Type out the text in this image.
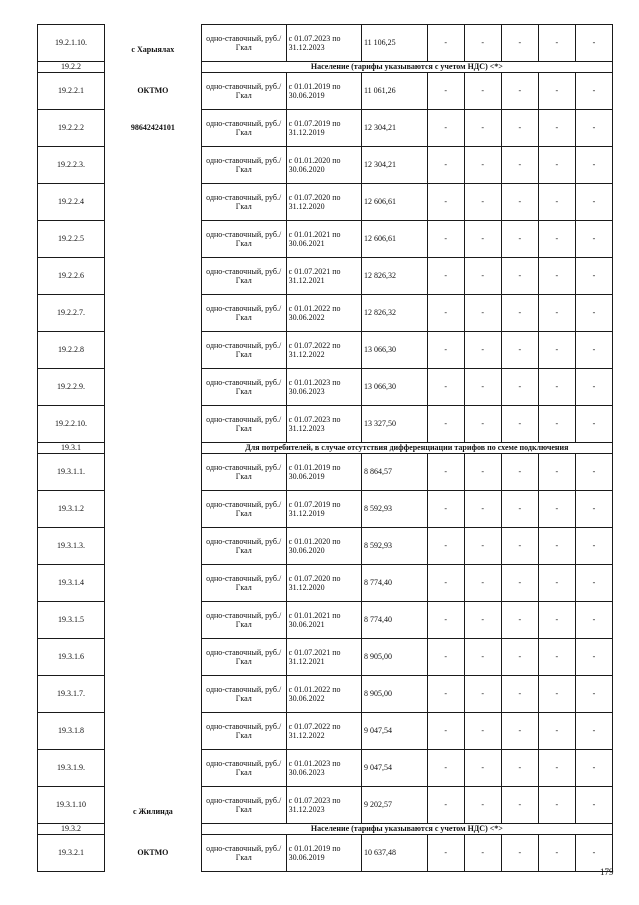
19.2.1.10.	с Харыялах	одно-ставочный, руб./Гкал	с 01.07.2023 по 31.12.2023	11 106,25	-	-	-	-	-
19.2.2		Население (тарифы указываются с учетом НДС) <*>							
19.2.2.1	ОКТМО	одно-ставочный, руб./Гкал	с 01.01.2019 по 30.06.2019	11 061,26	-	-	-	-	-
19.2.2.2	98642424101	одно-ставочный, руб./Гкал	с 01.07.2019 по 31.12.2019	12 304,21	-	-	-	-	-
19.2.2.3.		одно-ставочный, руб./Гкал	с 01.01.2020 по 30.06.2020	12 304,21	-	-	-	-	-
19.2.2.4		одно-ставочный, руб./Гкал	с 01.07.2020 по 31.12.2020	12 606,61	-	-	-	-	-
19.2.2.5		одно-ставочный, руб./Гкал	с 01.01.2021 по 30.06.2021	12 606,61	-	-	-	-	-
19.2.2.6		одно-ставочный, руб./Гкал	с 01.07.2021 по 31.12.2021	12 826,32	-	-	-	-	-
19.2.2.7.		одно-ставочный, руб./Гкал	с 01.01.2022 по 30.06.2022	12 826,32	-	-	-	-	-
19.2.2.8		одно-ставочный, руб./Гкал	с 01.07.2022 по 31.12.2022	13 066,30	-	-	-	-	-
19.2.2.9.		одно-ставочный, руб./Гкал	с 01.01.2023 по 30.06.2023	13 066,30	-	-	-	-	-
19.2.2.10.		одно-ставочный, руб./Гкал	с 01.07.2023 по 31.12.2023	13 327,50	-	-	-	-	-
19.3.1		Для потребителей, в случае отсутствия дифференциации тарифов по схеме подключения							
19.3.1.1.		одно-ставочный, руб./Гкал	с 01.01.2019 по 30.06.2019	8 864,57	-	-	-	-	-
19.3.1.2		одно-ставочный, руб./Гкал	с 01.07.2019 по 31.12.2019	8 592,93	-	-	-	-	-
19.3.1.3.		одно-ставочный, руб./Гкал	с 01.01.2020 по 30.06.2020	8 592,93	-	-	-	-	-
19.3.1.4		одно-ставочный, руб./Гкал	с 01.07.2020 по 31.12.2020	8 774,40	-	-	-	-	-
19.3.1.5		одно-ставочный, руб./Гкал	с 01.01.2021 по 30.06.2021	8 774,40	-	-	-	-	-
19.3.1.6		одно-ставочный, руб./Гкал	с 01.07.2021 по 31.12.2021	8 905,00	-	-	-	-	-
19.3.1.7.		одно-ставочный, руб./Гкал	с 01.01.2022 по 30.06.2022	8 905,00	-	-	-	-	-
19.3.1.8		одно-ставочный, руб./Гкал	с 01.07.2022 по 31.12.2022	9 047,54	-	-	-	-	-
19.3.1.9.		одно-ставочный, руб./Гкал	с 01.01.2023 по 30.06.2023	9 047,54	-	-	-	-	-
19.3.1.10	с Жилинда	одно-ставочный, руб./Гкал	с 01.07.2023 по 31.12.2023	9 202,57	-	-	-	-	-
19.3.2		Население (тарифы указываются с учетом НДС) <*>							
19.3.2.1	ОКТМО	одно-ставочный, руб./Гкал	с 01.01.2019 по 30.06.2019	10 637,48	-	-	-	-	-
179
